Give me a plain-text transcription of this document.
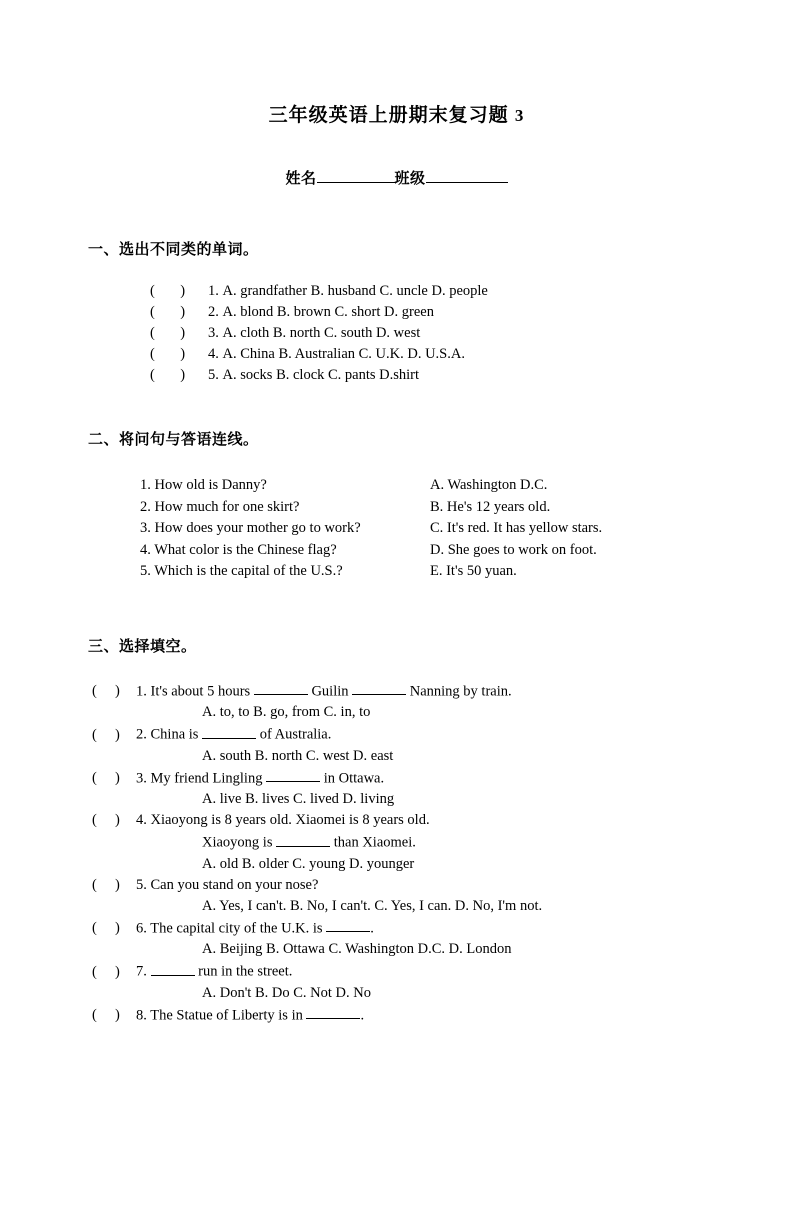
三年级英语上册期末复习题 3
姓名	班级
一、选出不同类的单词。
(       ) 1. A. grandfather B. husband C. uncle D. people
(       ) 2. A. blond B. brown C. short D. green
(       ) 3. A. cloth B. north C. south D. west
(       ) 4. A. China B. Australian C. U.K. D. U.S.A.
(       ) 5. A. socks B. clock C. pants D.shirt
二、将问句与答语连线。
1. How old is Danny?	A. Washington D.C.
2. How much for one skirt?	B. He's 12 years old.
3. How does your mother go to work?	C. It's red. It has yellow stars.
4. What color is the Chinese flag?	D. She goes to work on foot.
5. Which is the capital of the U.S.?	E. It's 50 yuan.
三、选择填空。
(     ) 1. It's about 5 hours	Guilin	Nanning by train.
A. to, to B. go, from C. in, to
(     ) 2. China is	of Australia.
A. south B. north C. west D. east
(     ) 3. My friend Lingling	in Ottawa.
A. live B. lives C. lived D. living
(     ) 4. Xiaoyong is 8 years old. Xiaomei is 8 years old.
Xiaoyong is	than Xiaomei.
A. old B. older C. young D. younger
(     ) 5. Can you stand on your nose?
A. Yes, I can't. B. No, I can't. C. Yes, I can. D. No, I'm not.
(     ) 6. The capital city of the U.K. is	.
A. Beijing B. Ottawa C. Washington D.C. D. London
(     ) 7.	run in the street.
A. Don't B. Do C. Not D. No
(     ) 8. The Statue of Liberty is in	.
